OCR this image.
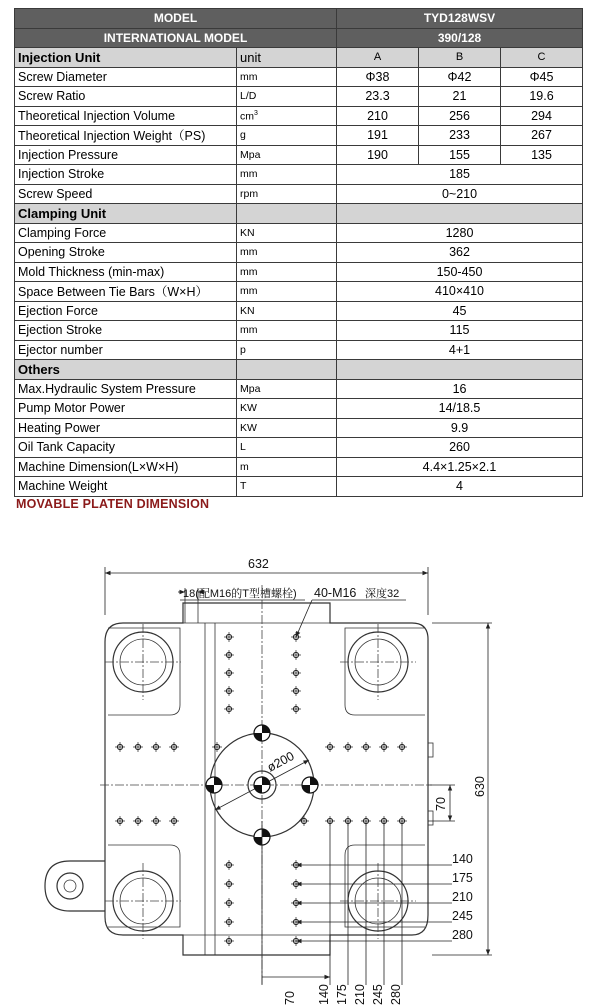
MODEL		TYD128WSV		
INTERNATIONAL MODEL		390/128		
Injection Unit	unit	A	B	C
Screw Diameter	mm	Φ38	Φ42	Φ45
Screw Ratio	L/D	23.3	21	19.6
Theoretical Injection Volume	$cm^3$	210	256	294
Theoretical Injection Weight（PS)	g	191	233	267
Injection Pressure	Mpa	190	155	135
Injection Stroke	mm	185		
Screw Speed	rpm	0~210		
Clamping Unit				
Clamping Force	KN	1280		
Opening Stroke	mm	362		
Mold Thickness (min-max)	mm	150-450		
Space Between Tie Bars（W×H）	mm	410×410		
Ejection Force	KN	45		
Ejection Stroke	mm	115		
Ejector number	p	4+1		
Others				
Max.Hydraulic System Pressure	Mpa	16		
Pump Motor Power	KW	14/18.5		
Heating Power	KW	9.9		
Oil Tank Capacity	L	260		
Machine Dimension(L×W×H)	m	4.4×1.25×2.1		
Machine Weight	T	4		
MOVABLE PLATEN DIMENSION
ø200
632
18(配M16的T型槽螺栓) 40-M16 深度32
630
70
140
175
210
245
280
70 140 175 210 245 280
